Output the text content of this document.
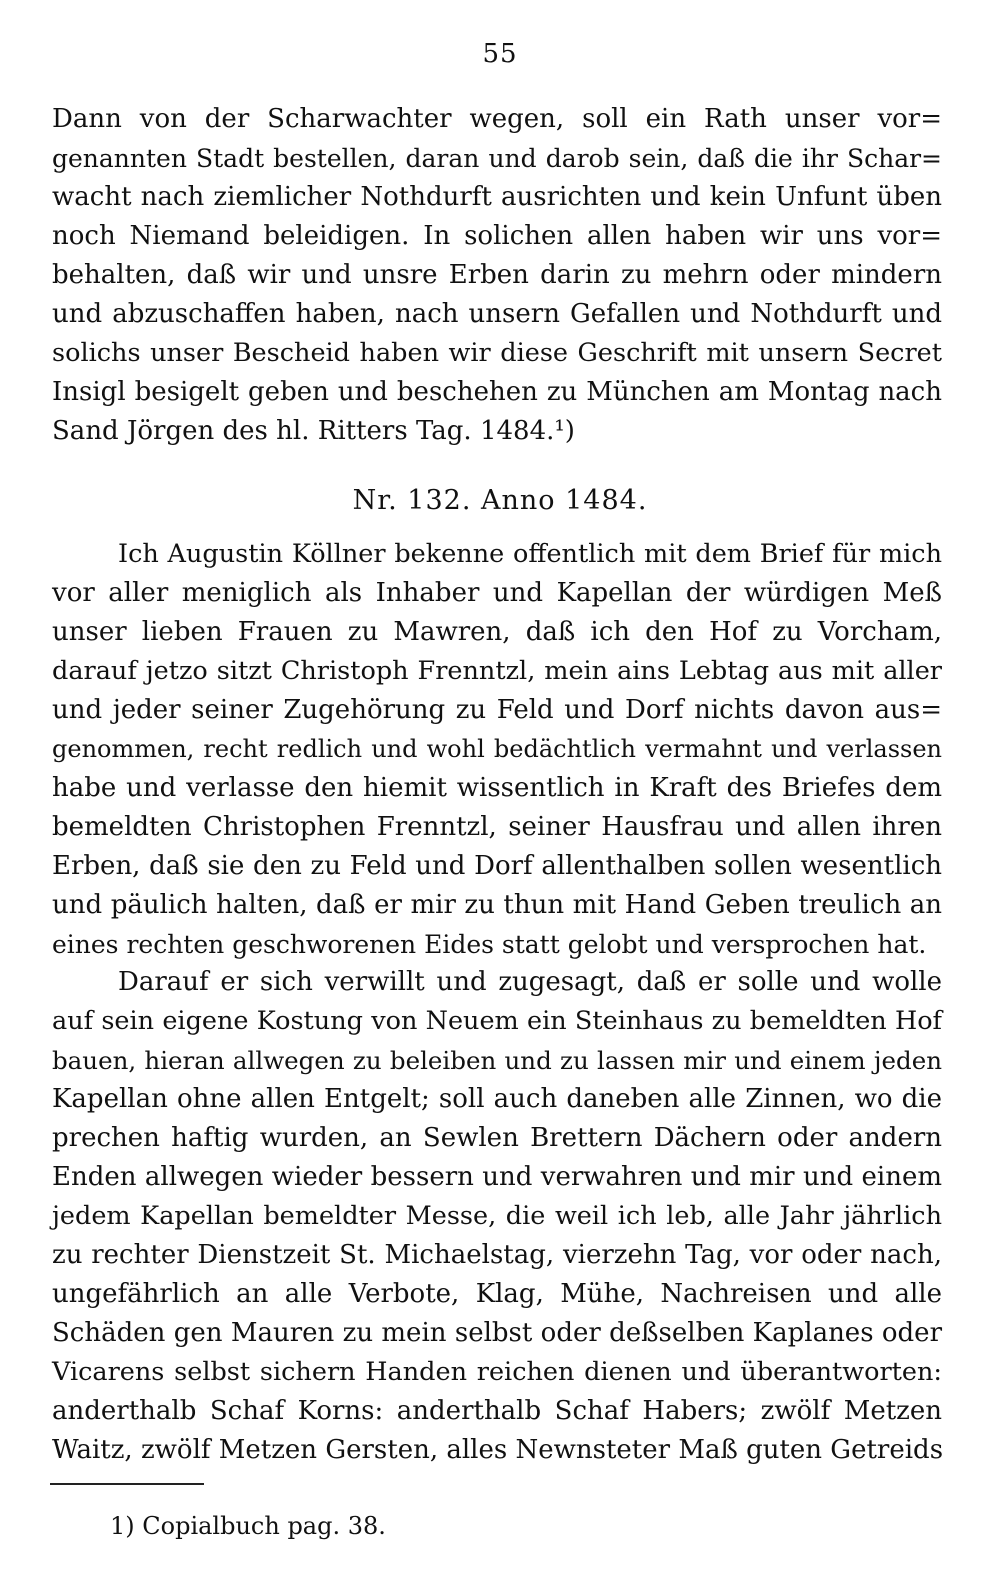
55
Dann von der Scharwachter wegen, soll ein Rath unser vor=
genannten Stadt bestellen, daran und darob sein, daß die ihr Schar=
wacht nach ziemlicher Nothdurft ausrichten und kein Unfunt üben
noch Niemand beleidigen. In solichen allen haben wir uns vor=
behalten, daß wir und unsre Erben darin zu mehrn oder mindern
und abzuschaffen haben, nach unsern Gefallen und Nothdurft und
solichs unser Bescheid haben wir diese Geschrift mit unsern Secret
Insigl besigelt geben und beschehen zu München am Montag nach
Sand Jörgen des hl. Ritters Tag. 1484.¹)
Nr. 132. Anno 1484.
Ich Augustin Köllner bekenne offentlich mit dem Brief für mich
vor aller meniglich als Inhaber und Kapellan der würdigen Meß
unser lieben Frauen zu Mawren, daß ich den Hof zu Vorcham,
darauf jetzo sitzt Christoph Frenntzl, mein ains Lebtag aus mit aller
und jeder seiner Zugehörung zu Feld und Dorf nichts davon aus=
genommen, recht redlich und wohl bedächtlich vermahnt und verlassen
habe und verlasse den hiemit wissentlich in Kraft des Briefes dem
bemeldten Christophen Frenntzl, seiner Hausfrau und allen ihren
Erben, daß sie den zu Feld und Dorf allenthalben sollen wesentlich
und päulich halten, daß er mir zu thun mit Hand Geben treulich an
eines rechten geschworenen Eides statt gelobt und versprochen hat.
Darauf er sich verwillt und zugesagt, daß er solle und wolle
auf sein eigene Kostung von Neuem ein Steinhaus zu bemeldten Hof
bauen, hieran allwegen zu beleiben und zu lassen mir und einem jeden
Kapellan ohne allen Entgelt; soll auch daneben alle Zinnen, wo die
prechen haftig wurden, an Sewlen Brettern Dächern oder andern
Enden allwegen wieder bessern und verwahren und mir und einem
jedem Kapellan bemeldter Messe, die weil ich leb, alle Jahr jährlich
zu rechter Dienstzeit St. Michaelstag, vierzehn Tag, vor oder nach,
ungefährlich an alle Verbote, Klag, Mühe, Nachreisen und alle
Schäden gen Mauren zu mein selbst oder deßselben Kaplanes oder
Vicarens selbst sichern Handen reichen dienen und überantworten:
anderthalb Schaf Korns: anderthalb Schaf Habers; zwölf Metzen
Waitz, zwölf Metzen Gersten, alles Newnsteter Maß guten Getreids
1) Copialbuch pag. 38.
